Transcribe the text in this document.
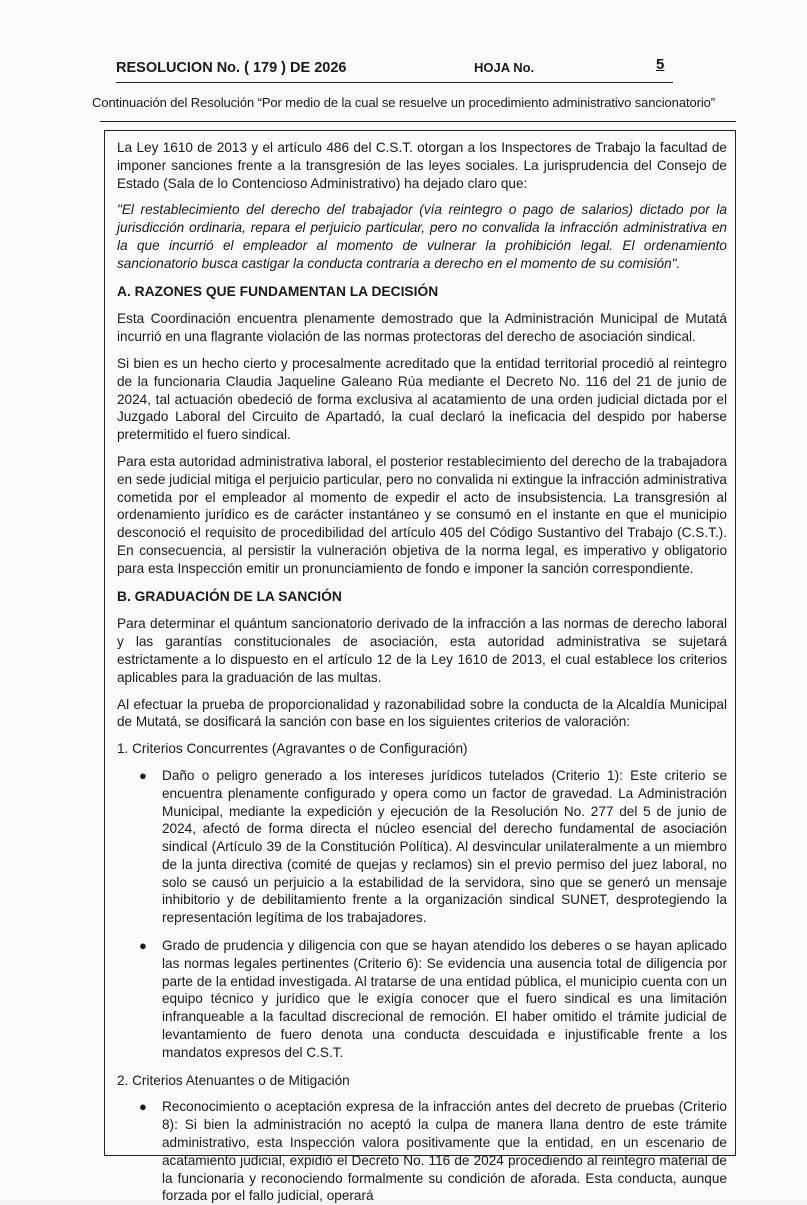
RESOLUCION No. ( 179 ) DE 2026	HOJA No.	5
Continuación del Resolución “Por medio de la cual se resuelve un procedimiento administrativo sancionatorio”

La Ley 1610 de 2013 y el artículo 486 del C.S.T. otorgan a los Inspectores de Trabajo la facultad de imponer sanciones frente a la transgresión de las leyes sociales. La jurisprudencia del Consejo de Estado (Sala de lo Contencioso Administrativo) ha dejado claro que:

"El restablecimiento del derecho del trabajador (vía reintegro o pago de salarios) dictado por la jurisdicción ordinaria, repara el perjuicio particular, pero no convalida la infracción administrativa en la que incurrió el empleador al momento de vulnerar la prohibición legal. El ordenamiento sancionatorio busca castigar la conducta contraria a derecho en el momento de su comisión".

A. RAZONES QUE FUNDAMENTAN LA DECISIÓN

Esta Coordinación encuentra plenamente demostrado que la Administración Municipal de Mutatá incurrió en una flagrante violación de las normas protectoras del derecho de asociación sindical.

Si bien es un hecho cierto y procesalmente acreditado que la entidad territorial procedió al reintegro de la funcionaria Claudia Jaqueline Galeano Rúa mediante el Decreto No. 116 del 21 de junio de 2024, tal actuación obedeció de forma exclusiva al acatamiento de una orden judicial dictada por el Juzgado Laboral del Circuito de Apartadó, la cual declaró la ineficacia del despido por haberse pretermitido el fuero sindical.

Para esta autoridad administrativa laboral, el posterior restablecimiento del derecho de la trabajadora en sede judicial mitiga el perjuicio particular, pero no convalida ni extingue la infracción administrativa cometida por el empleador al momento de expedir el acto de insubsistencia. La transgresión al ordenamiento jurídico es de carácter instantáneo y se consumó en el instante en que el municipio desconoció el requisito de procedibilidad del artículo 405 del Código Sustantivo del Trabajo (C.S.T.). En consecuencia, al persistir la vulneración objetiva de la norma legal, es imperativo y obligatorio para esta Inspección emitir un pronunciamiento de fondo e imponer la sanción correspondiente.

B. GRADUACIÓN DE LA SANCIÓN

Para determinar el quántum sancionatorio derivado de la infracción a las normas de derecho laboral y las garantías constitucionales de asociación, esta autoridad administrativa se sujetará estrictamente a lo dispuesto en el artículo 12 de la Ley 1610 de 2013, el cual establece los criterios aplicables para la graduación de las multas.

Al efectuar la prueba de proporcionalidad y razonabilidad sobre la conducta de la Alcaldía Municipal de Mutatá, se dosificará la sanción con base en los siguientes criterios de valoración:

1. Criterios Concurrentes (Agravantes o de Configuración)
● Daño o peligro generado a los intereses jurídicos tutelados (Criterio 1): Este criterio se encuentra plenamente configurado y opera como un factor de gravedad. La Administración Municipal, mediante la expedición y ejecución de la Resolución No. 277 del 5 de junio de 2024, afectó de forma directa el núcleo esencial del derecho fundamental de asociación sindical (Artículo 39 de la Constitución Política). Al desvincular unilateralmente a un miembro de la junta directiva (comité de quejas y reclamos) sin el previo permiso del juez laboral, no solo se causó un perjuicio a la estabilidad de la servidora, sino que se generó un mensaje inhibitorio y de debilitamiento frente a la organización sindical SUNET, desprotegiendo la representación legítima de los trabajadores.
● Grado de prudencia y diligencia con que se hayan atendido los deberes o se hayan aplicado las normas legales pertinentes (Criterio 6): Se evidencia una ausencia total de diligencia por parte de la entidad investigada. Al tratarse de una entidad pública, el municipio cuenta con un equipo técnico y jurídico que le exigía conocer que el fuero sindical es una limitación infranqueable a la facultad discrecional de remoción. El haber omitido el trámite judicial de levantamiento de fuero denota una conducta descuidada e injustificable frente a los mandatos expresos del C.S.T.
2. Criterios Atenuantes o de Mitigación
● Reconocimiento o aceptación expresa de la infracción antes del decreto de pruebas (Criterio 8): Si bien la administración no aceptó la culpa de manera llana dentro de este trámite administrativo, esta Inspección valora positivamente que la entidad, en un escenario de acatamiento judicial, expidió el Decreto No. 116 de 2024 procediendo al reintegro material de la funcionaria y reconociendo formalmente su condición de aforada. Esta conducta, aunque forzada por el fallo judicial, operará
